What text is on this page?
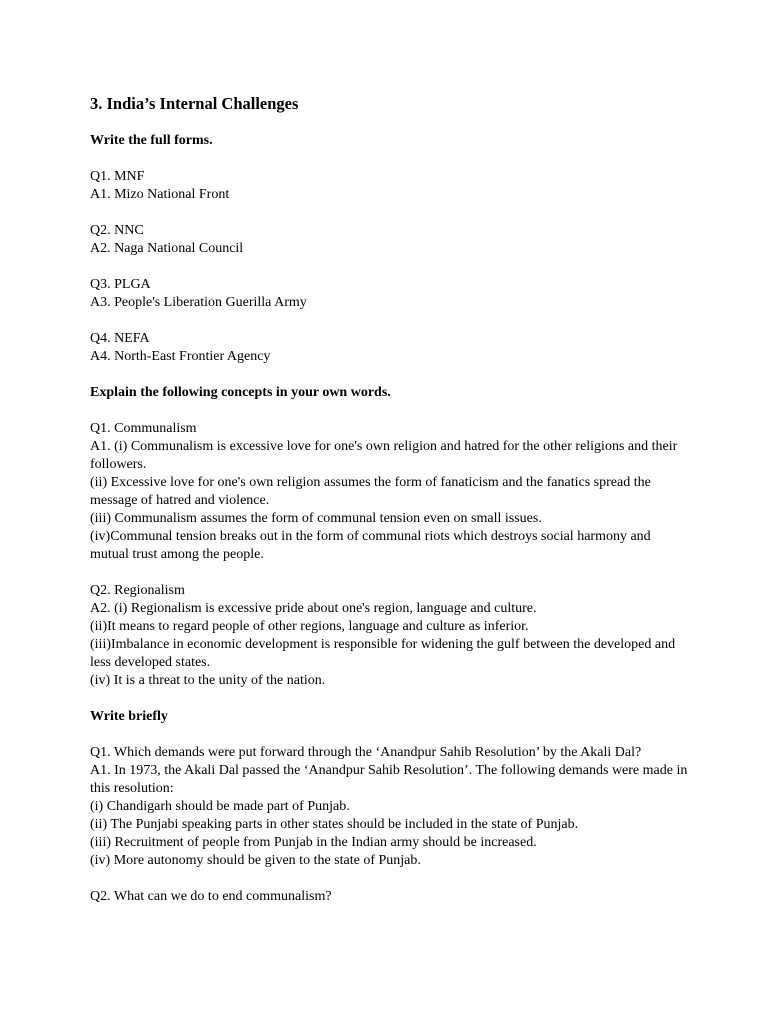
3. India’s Internal Challenges
Write the full forms.
Q1. MNF
A1. Mizo National Front
Q2. NNC
A2. Naga National Council
Q3. PLGA
A3. People's Liberation Guerilla Army
Q4. NEFA
A4. North-East Frontier Agency
Explain the following concepts in your own words.
Q1. Communalism
A1. (i) Communalism is excessive love for one's own religion and hatred for the other religions and their followers.
(ii) Excessive love for one's own religion assumes the form of fanaticism and the fanatics spread the message of hatred and violence.
(iii) Communalism assumes the form of communal tension even on small issues.
(iv)Communal tension breaks out in the form of communal riots which destroys social harmony and mutual trust among the people.
Q2. Regionalism
A2. (i) Regionalism is excessive pride about one's region, language and culture.
(ii)It means to regard people of other regions, language and culture as inferior.
(iii)Imbalance in economic development is responsible for widening the gulf between the developed and less developed states.
(iv) It is a threat to the unity of the nation.
Write briefly
Q1. Which demands were put forward through the ‘Anandpur Sahib Resolution’ by the Akali Dal?
A1. In 1973, the Akali Dal passed the ‘Anandpur Sahib Resolution’. The following demands were made in this resolution:
(i) Chandigarh should be made part of Punjab.
(ii) The Punjabi speaking parts in other states should be included in the state of Punjab.
(iii) Recruitment of people from Punjab in the Indian army should be increased.
(iv) More autonomy should be given to the state of Punjab.
Q2. What can we do to end communalism?
